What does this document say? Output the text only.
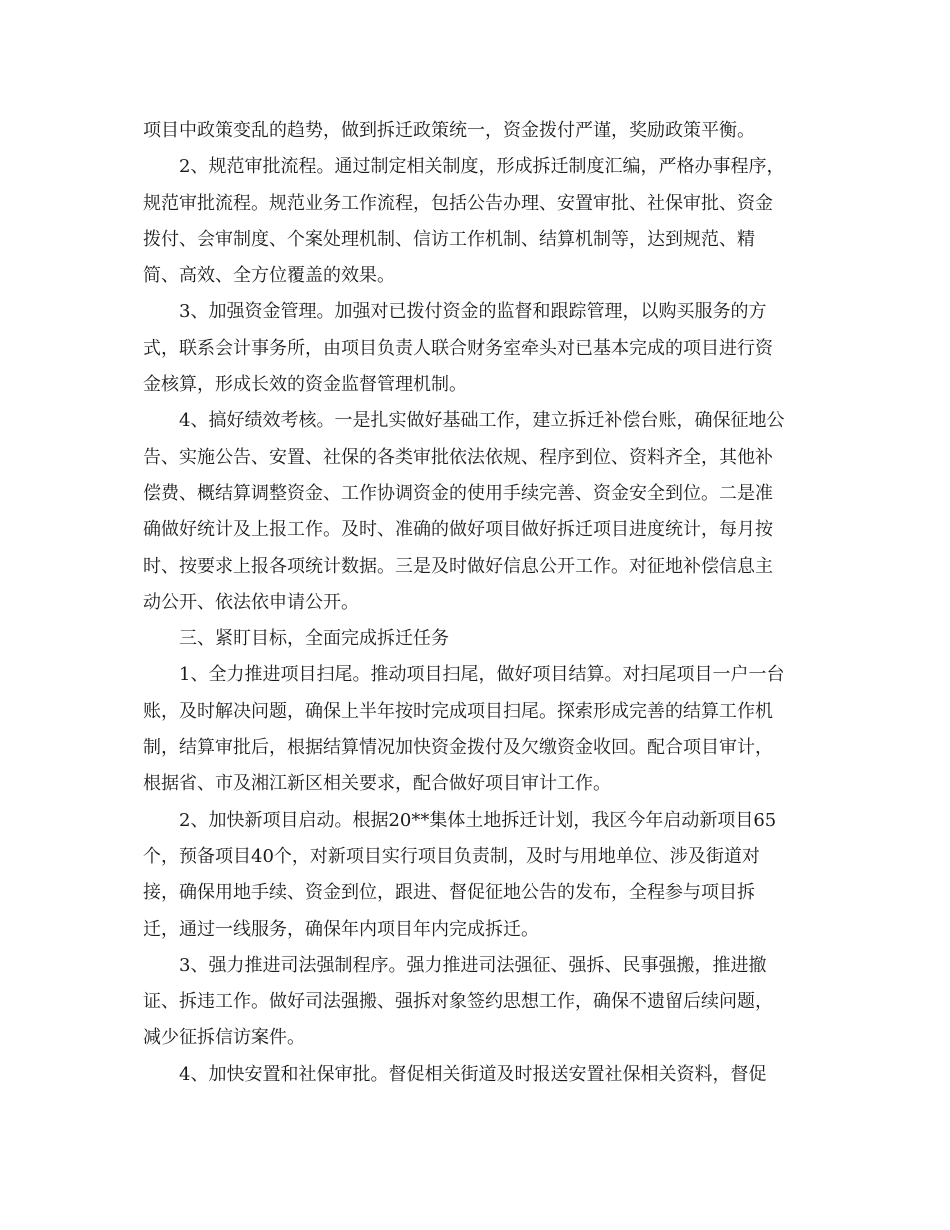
项目中政策变乱的趋势，做到拆迁政策统一，资金拨付严谨，奖励政策平衡。
2、规范审批流程。通过制定相关制度，形成拆迁制度汇编，严格办事程序，
规范审批流程。规范业务工作流程，包括公告办理、安置审批、社保审批、资金
拨付、会审制度、个案处理机制、信访工作机制、结算机制等，达到规范、精
简、高效、全方位覆盖的效果。
3、加强资金管理。加强对已拨付资金的监督和跟踪管理，以购买服务的方
式，联系会计事务所，由项目负责人联合财务室牵头对已基本完成的项目进行资
金核算，形成长效的资金监督管理机制。
4、搞好绩效考核。一是扎实做好基础工作，建立拆迁补偿台账，确保征地公
告、实施公告、安置、社保的各类审批依法依规、程序到位、资料齐全，其他补
偿费、概结算调整资金、工作协调资金的使用手续完善、资金安全到位。二是准
确做好统计及上报工作。及时、准确的做好项目做好拆迁项目进度统计，每月按
时、按要求上报各项统计数据。三是及时做好信息公开工作。对征地补偿信息主
动公开、依法依申请公开。
三、紧盯目标，全面完成拆迁任务
1、全力推进项目扫尾。推动项目扫尾，做好项目结算。对扫尾项目一户一台
账，及时解决问题，确保上半年按时完成项目扫尾。探索形成完善的结算工作机
制，结算审批后，根据结算情况加快资金拨付及欠缴资金收回。配合项目审计，
根据省、市及湘江新区相关要求，配合做好项目审计工作。
2、加快新项目启动。根据20**集体土地拆迁计划，我区今年启动新项目65
个，预备项目40个，对新项目实行项目负责制，及时与用地单位、涉及街道对
接，确保用地手续、资金到位，跟进、督促征地公告的发布，全程参与项目拆
迁，通过一线服务，确保年内项目年内完成拆迁。
3、强力推进司法强制程序。强力推进司法强征、强拆、民事强搬，推进撤
证、拆违工作。做好司法强搬、强拆对象签约思想工作，确保不遗留后续问题，
减少征拆信访案件。
4、加快安置和社保审批。督促相关街道及时报送安置社保相关资料，督促
